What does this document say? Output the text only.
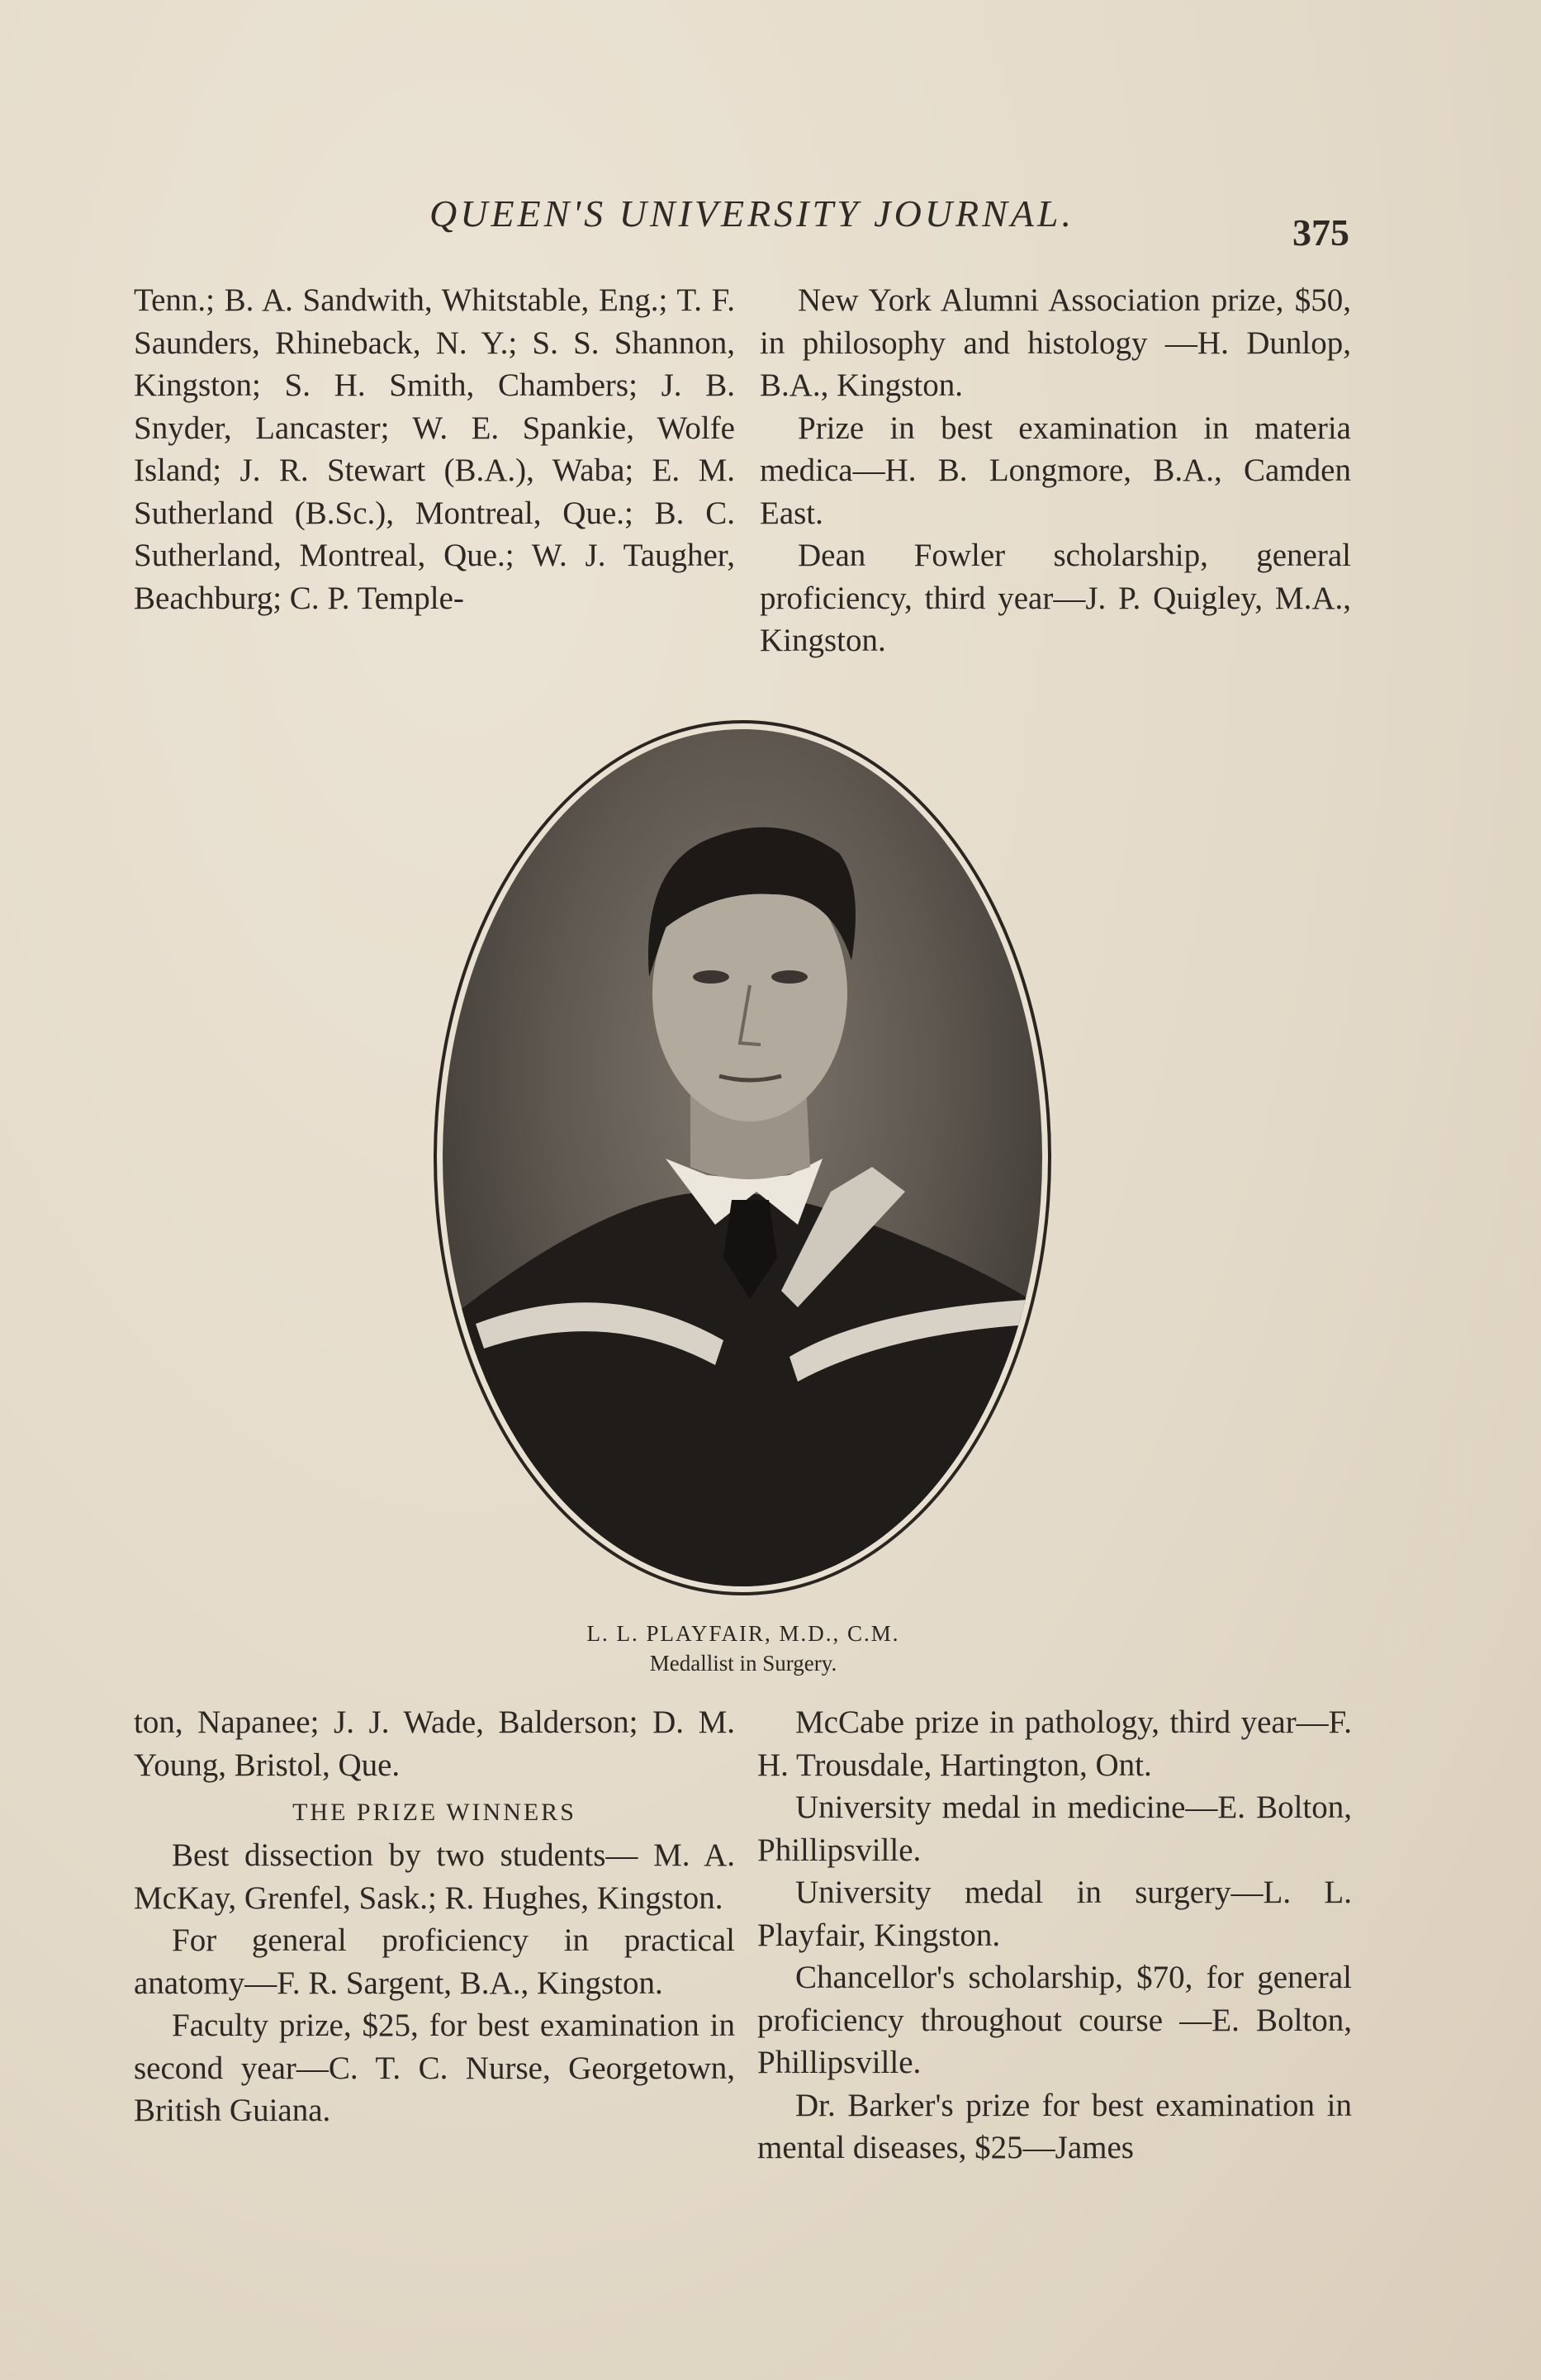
QUEEN'S UNIVERSITY JOURNAL.	375

Tenn.; B. A. Sandwith, Whitstable, Eng.; T. F. Saunders, Rhineback, N. Y.; S. S. Shannon, Kingston; S. H. Smith, Chambers; J. B. Snyder, Lancaster; W. E. Spankie, Wolfe Island; J. R. Stewart (B.A.), Waba; E. M. Sutherland (B.Sc.), Montreal, Que.; B. C. Sutherland, Montreal, Que.; W. J. Taugher, Beachburg; C. P. Temple-

New York Alumni Association prize, $50, in philosophy and histology —H. Dunlop, B.A., Kingston.

Prize in best examination in materia medica—H. B. Longmore, B.A., Camden East.

Dean Fowler scholarship, general proficiency, third year—J. P. Quigley, M.A., Kingston.

L. L. PLAYFAIR, M.D., C.M.
Medallist in Surgery.

ton, Napanee; J. J. Wade, Balderson; D. M. Young, Bristol, Que.

THE PRIZE WINNERS

Best dissection by two students— M. A. McKay, Grenfel, Sask.; R. Hughes, Kingston.

For general proficiency in practical anatomy—F. R. Sargent, B.A., Kingston.

Faculty prize, $25, for best examination in second year—C. T. C. Nurse, Georgetown, British Guiana.

McCabe prize in pathology, third year—F. H. Trousdale, Hartington, Ont.

University medal in medicine—E. Bolton, Phillipsville.

University medal in surgery—L. L. Playfair, Kingston.

Chancellor's scholarship, $70, for general proficiency throughout course —E. Bolton, Phillipsville.

Dr. Barker's prize for best examination in mental diseases, $25—James
